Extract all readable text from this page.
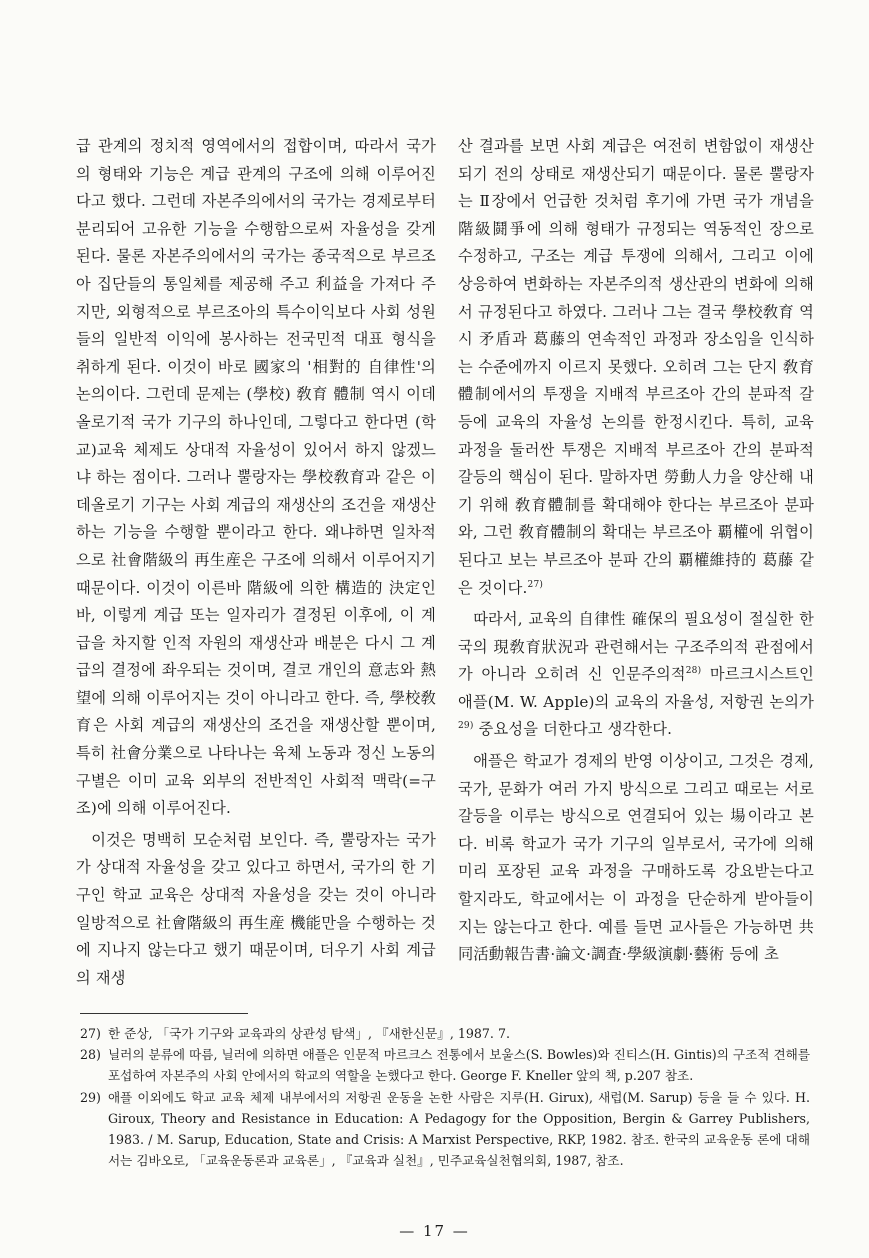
급 관계의 정치적 영역에서의 접합이며, 따라서 국가의 형태와 기능은 계급 관계의 구조에 의해 이루어진다고 했다. 그런데 자본주의에서의 국가는 경제로부터 분리되어 고유한 기능을 수행함으로써 자율성을 갖게 된다. 물론 자본주의에서의 국가는 종국적으로 부르조아 집단들의 통일체를 제공해 주고 利益을 가져다 주지만, 외형적으로 부르조아의 특수이익보다 사회 성원들의 일반적 이익에 봉사하는 전국민적 대표 형식을 취하게 된다. 이것이 바로 國家의 '相對的 自律性'의 논의이다. 그런데 문제는 (學校) 敎育 體制 역시 이데올로기적 국가 기구의 하나인데, 그렇다고 한다면 (학교)교육 체제도 상대적 자율성이 있어서 하지 않겠느냐 하는 점이다. 그러나 뿔랑자는 學校敎育과 같은 이데올로기 기구는 사회 계급의 재생산의 조건을 재생산하는 기능을 수행할 뿐이라고 한다. 왜냐하면 일차적으로 社會階級의 再生産은 구조에 의해서 이루어지기 때문이다. 이것이 이른바 階級에 의한 構造的 決定인 바, 이렇게 계급 또는 일자리가 결정된 이후에, 이 계급을 차지할 인적 자원의 재생산과 배분은 다시 그 계급의 결정에 좌우되는 것이며, 결코 개인의 意志와 熱望에 의해 이루어지는 것이 아니라고 한다. 즉, 學校敎育은 사회 계급의 재생산의 조건을 재생산할 뿐이며, 특히 社會分業으로 나타나는 육체 노동과 정신 노동의 구별은 이미 교육 외부의 전반적인 사회적 맥락(=구조)에 의해 이루어진다.

이것은 명백히 모순처럼 보인다. 즉, 뿔랑자는 국가가 상대적 자율성을 갖고 있다고 하면서, 국가의 한 기구인 학교 교육은 상대적 자율성을 갖는 것이 아니라 일방적으로 社會階級의 再生産 機能만을 수행하는 것에 지나지 않는다고 했기 때문이며, 더우기 사회 계급의 재생

산 결과를 보면 사회 계급은 여전히 변함없이 재생산되기 전의 상태로 재생산되기 때문이다. 물론 뿔랑자는 Ⅱ장에서 언급한 것처럼 후기에 가면 국가 개념을 階級鬪爭에 의해 형태가 규정되는 역동적인 장으로 수정하고, 구조는 계급 투쟁에 의해서, 그리고 이에 상응하여 변화하는 자본주의적 생산관의 변화에 의해서 규정된다고 하였다. 그러나 그는 결국 學校敎育 역시 矛盾과 葛藤의 연속적인 과정과 장소임을 인식하는 수준에까지 이르지 못했다. 오히려 그는 단지 敎育體制에서의 투쟁을 지배적 부르조아 간의 분파적 갈등에 교육의 자율성 논의를 한정시킨다. 특히, 교육 과정을 둘러싼 투쟁은 지배적 부르조아 간의 분파적 갈등의 핵심이 된다. 말하자면 勞動人力을 양산해 내기 위해 敎育體制를 확대해야 한다는 부르조아 분파와, 그런 敎育體制의 확대는 부르조아 覇權에 위협이 된다고 보는 부르조아 분파 간의 覇權維持的 葛藤 같은 것이다.$^{27)}$

따라서, 교육의 自律性 確保의 필요성이 절실한 한국의 現敎育狀況과 관련해서는 구조주의적 관점에서가 아니라 오히려 신 인문주의적$^{28)}$ 마르크시스트인 애플(M. W. Apple)의 교육의 자율성, 저항권 논의가$^{29)}$ 중요성을 더한다고 생각한다.

애플은 학교가 경제의 반영 이상이고, 그것은 경제, 국가, 문화가 여러 가지 방식으로 그리고 때로는 서로 갈등을 이루는 방식으로 연결되어 있는 場이라고 본다. 비록 학교가 국가 기구의 일부로서, 국가에 의해 미리 포장된 교육 과정을 구매하도록 강요받는다고 할지라도, 학교에서는 이 과정을 단순하게 받아들이지는 않는다고 한다. 예를 들면 교사들은 가능하면 共同活動報告書·論文·調査·學級演劇·藝術 등에 초

27) 한 준상, 「국가 기구와 교육과의 상관성 탐색」, 『새한신문』, 1987. 7.

28) 닐러의 분류에 따름, 닐러에 의하면 애플은 인문적 마르크스 전통에서 보울스(S. Bowles)와 진티스(H. Gintis)의 구조적 견해를 포섭하여 자본주의 사회 안에서의 학교의 역할을 논했다고 한다. George F. Kneller 앞의 책, p.207 참조.

29) 애플 이외에도 학교 교육 체제 내부에서의 저항권 운동을 논한 사람은 지루(H. Girux), 새럽(M. Sarup) 등을 들 수 있다. H. Giroux, Theory and Resistance in Education: A Pedagogy for the Opposition, Bergin & Garrey Publishers, 1983. / M. Sarup, Education, State and Crisis: A Marxist Perspective, RKP, 1982. 참조. 한국의 교육운동 론에 대해서는 김바오로, 「교육운동론과 교육론」, 『교육과 실천』, 민주교육실천협의회, 1987, 참조.

— 17 —
